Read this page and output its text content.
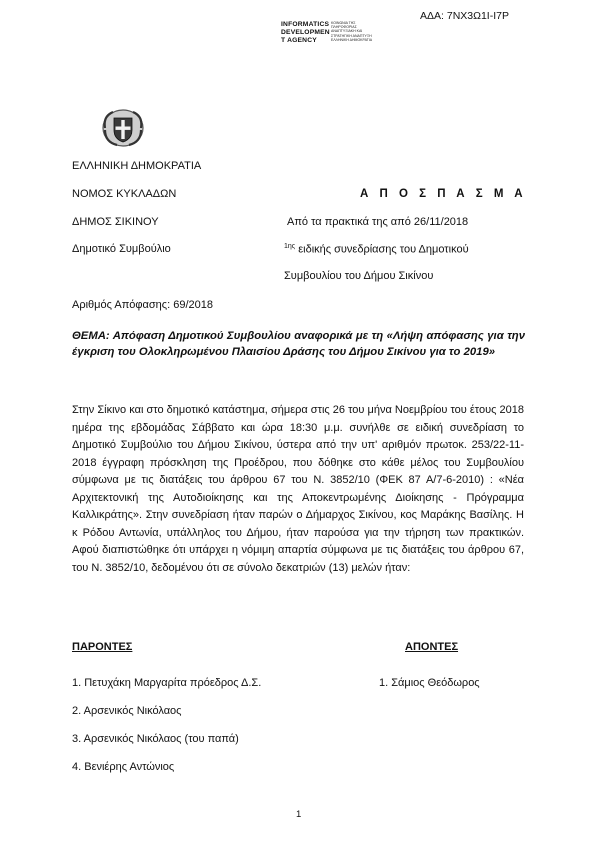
ΑΔΑ: 7ΝΧ3Ω1Ι-Ι7Ρ
INFORMATICS
DEVELOPMEN
T AGENCY
ΚΟΙΝΩΝΙΑ ΤΗΣ ΠΛΗΡΟΦΟΡΙΑΣ ΑΝΑΠΤΥΞΙΑΚΗ ΚΑΙ ΣΤΡΑΤΗΓΙΚΗ ΑΝΑΠΤΥΞΗ ΕΛΛΗΝΙΚΗ ΔΗΜΟΚΡΑΤΙΑ
ΕΛΛΗΝΙΚΗ ΔΗΜΟΚΡΑΤΙΑ
ΝΟΜΟΣ ΚΥΚΛΑΔΩΝ
ΔΗΜΟΣ ΣΙΚΙΝΟΥ
Δημοτικό Συμβούλιο
Αριθμός Απόφασης: 69/2018
Α Π Ο Σ Π Α Σ Μ Α
Από τα πρακτικά της από 26/11/2018
$^{1\eta\varsigma}$ ειδικής συνεδρίασης του Δημοτικού
Συμβουλίου του Δήμου Σικίνου
ΘΕΜΑ: Απόφαση Δημοτικού Συμβουλίου αναφορικά με τη «Λήψη απόφασης για την έγκριση του Ολοκληρωμένου Πλαισίου Δράσης του Δήμου Σικίνου για το 2019»
Στην Σίκινο και στο δημοτικό κατάστημα, σήμερα στις 26 του μήνα Νοεμβρίου του έτους 2018 ημέρα της εβδομάδας Σάββατο και ώρα 18:30 μ.μ. συνήλθε σε ειδική συνεδρίαση το Δημοτικό Συμβούλιο του Δήμου Σικίνου, ύστερα από την υπ' αριθμόν πρωτοκ. 253/22-11-2018 έγγραφη πρόσκληση της Προέδρου, που δόθηκε στο κάθε μέλος του Συμβουλίου σύμφωνα με τις διατάξεις του άρθρου 67 του Ν. 3852/10 (ΦΕΚ 87 Α/7-6-2010) : «Νέα Αρχιτεκτονική της Αυτοδιοίκησης και της Αποκεντρωμένης Διοίκησης - Πρόγραμμα Καλλικράτης». Στην συνεδρίαση ήταν παρών ο Δήμαρχος Σικίνου, κος Μαράκης Βασίλης. Η κ Ρόδου Αντωνία, υπάλληλος του Δήμου, ήταν παρούσα για την τήρηση των πρακτικών. Αφού διαπιστώθηκε ότι υπάρχει η νόμιμη απαρτία σύμφωνα με τις διατάξεις του άρθρου 67, του Ν. 3852/10, δεδομένου ότι σε σύνολο δεκατριών (13) μελών ήταν:
ΠΑΡΟΝΤΕΣ	ΑΠΟΝΤΕΣ
1. Πετυχάκη Μαργαρίτα πρόεδρος Δ.Σ.
2. Αρσενικός Νικόλαος
3. Αρσενικός Νικόλαος (του παπά)
4. Βενιέρης Αντώνιος
1. Σάμιος Θεόδωρος
1
